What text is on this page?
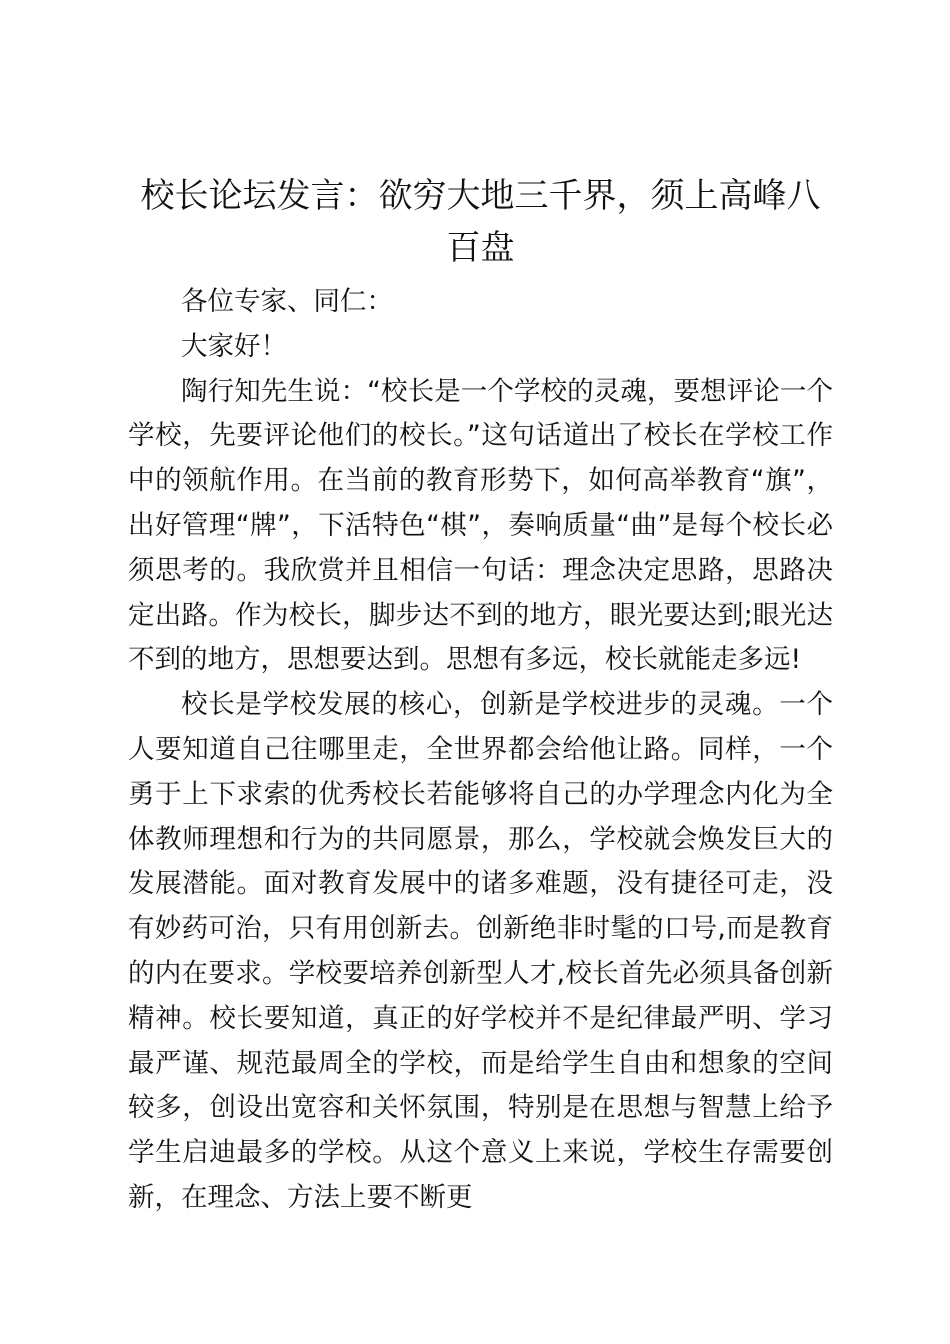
校长论坛发言：欲穷大地三千界，须上高峰八百盘

各位专家、同仁：

大家好！

陶行知先生说：“校长是一个学校的灵魂，要想评论一个学校，先要评论他们的校长。”这句话道出了校长在学校工作中的领航作用。在当前的教育形势下，如何高举教育“旗”，出好管理“牌”，下活特色“棋”，奏响质量“曲”是每个校长必须思考的。我欣赏并且相信一句话：理念决定思路，思路决定出路。作为校长，脚步达不到的地方，眼光要达到;眼光达不到的地方，思想要达到。思想有多远，校长就能走多远!

校长是学校发展的核心，创新是学校进步的灵魂。一个人要知道自己往哪里走，全世界都会给他让路。同样，一个勇于上下求索的优秀校长若能够将自己的办学理念内化为全体教师理想和行为的共同愿景，那么，学校就会焕发巨大的发展潜能。面对教育发展中的诸多难题，没有捷径可走，没有妙药可治，只有用创新去。创新绝非时髦的口号,而是教育的内在要求。学校要培养创新型人才,校长首先必须具备创新精神。校长要知道，真正的好学校并不是纪律最严明、学习最严谨、规范最周全的学校，而是给学生自由和想象的空间较多，创设出宽容和关怀氛围，特别是在思想与智慧上给予学生启迪最多的学校。从这个意义上来说，学校生存需要创新，在理念、方法上要不断更
